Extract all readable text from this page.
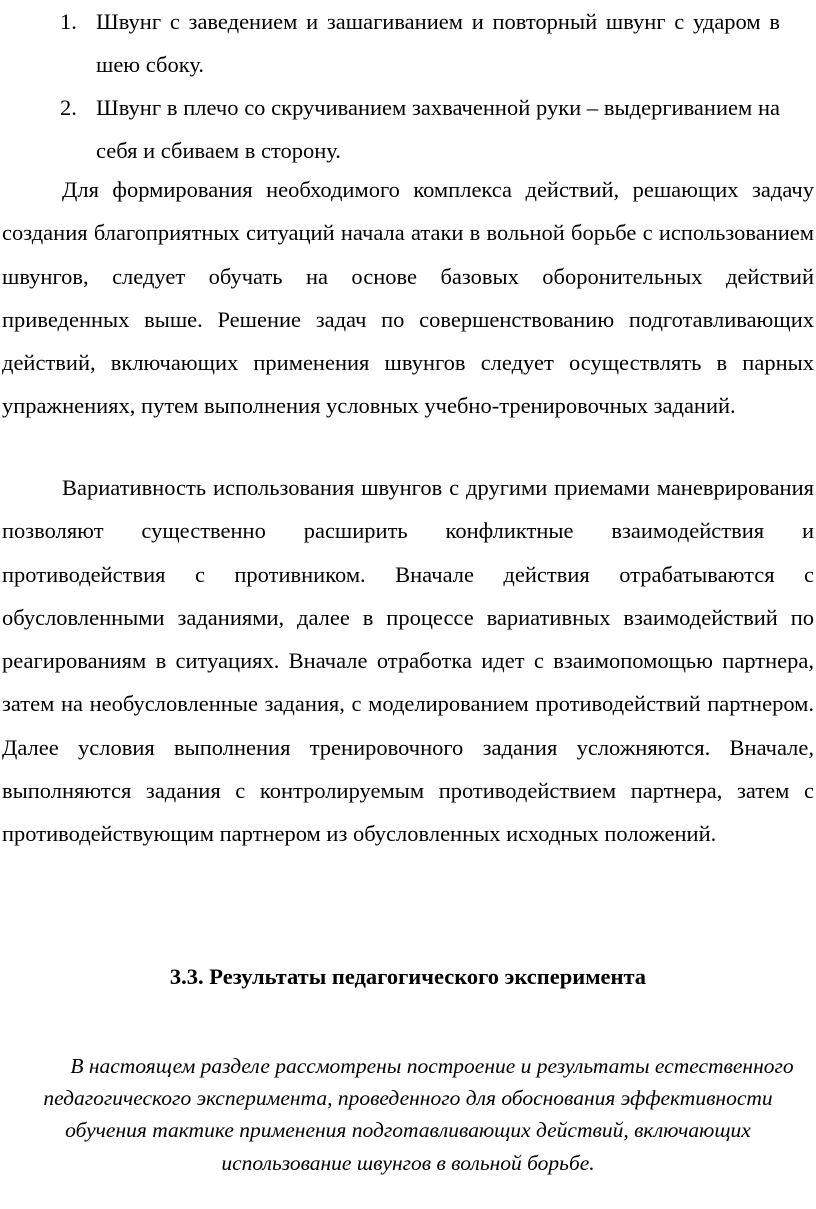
1. Швунг с заведением и зашагиванием и повторный швунг с ударом в шею сбоку.
2. Швунг в плечо со скручиванием захваченной руки – выдергиванием на себя и сбиваем в сторону.

Для формирования необходимого комплекса действий, решающих задачу создания благоприятных ситуаций начала атаки в вольной борьбе с использованием швунгов, следует обучать на основе базовых оборонительных действий приведенных выше. Решение задач по совершенствованию подготавливающих действий, включающих применения швунгов следует осуществлять в парных упражнениях, путем выполнения условных учебно-тренировочных заданий.

Вариативность использования швунгов с другими приемами маневрирования позволяют существенно расширить конфликтные взаимодействия и противодействия с противником. Вначале действия отрабатываются с обусловленными заданиями, далее в процессе вариативных взаимодействий по реагированиям в ситуациях. Вначале отработка идет с взаимопомощью партнера, затем на необусловленные задания, с моделированием противодействий партнером. Далее условия выполнения тренировочного задания усложняются. Вначале, выполняются задания с контролируемым противодействием партнера, затем с противодействующим партнером из обусловленных исходных положений.

3.3. Результаты педагогического эксперимента

В настоящем разделе рассмотрены построение и результаты естественного педагогического эксперимента, проведенного для обоснования эффективности обучения тактике применения подготавливающих действий, включающих использование швунгов в вольной борьбе.
